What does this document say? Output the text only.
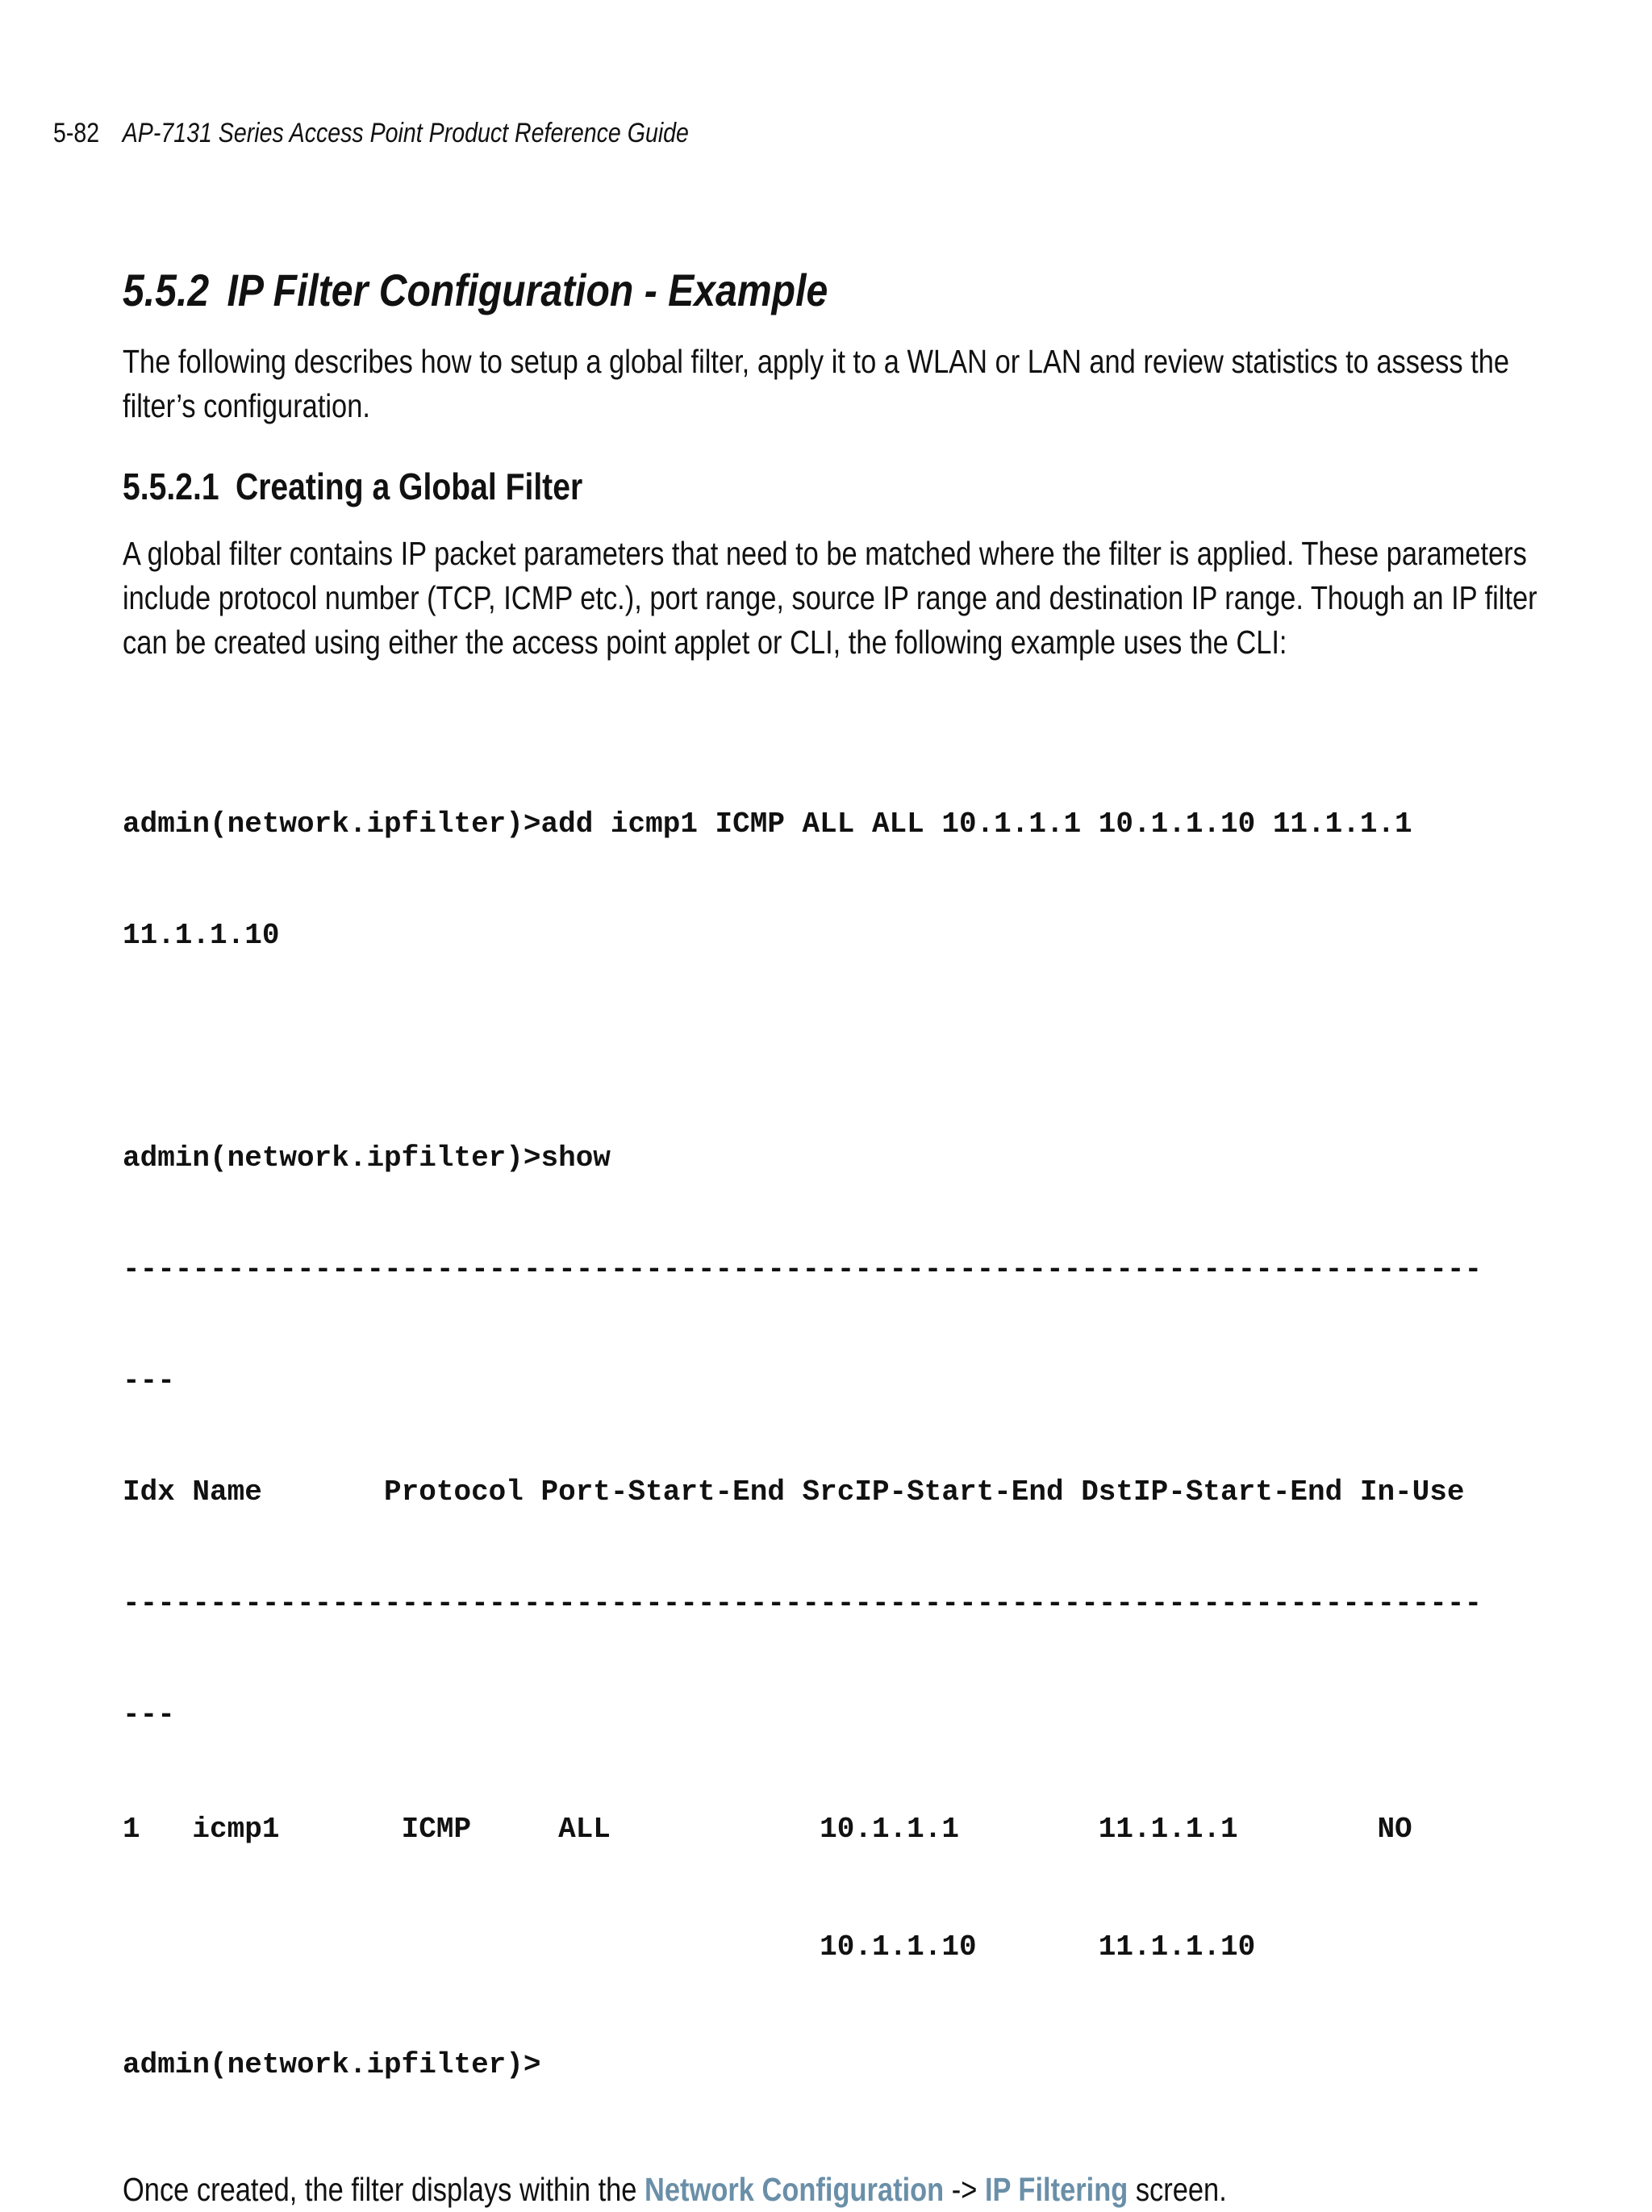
5-82 AP-7131 Series Access Point Product Reference Guide
5.5.2 IP Filter Configuration - Example

The following describes how to setup a global filter, apply it to a WLAN or LAN and review statistics to assess the filter’s configuration.

5.5.2.1 Creating a Global Filter

A global filter contains IP packet parameters that need to be matched where the filter is applied. These parameters include protocol number (TCP, ICMP etc.), port range, source IP range and destination IP range. Though an IP filter can be created using either the access point applet or CLI, the following example uses the CLI:

admin(network.ipfilter)>add icmp1 ICMP ALL ALL 10.1.1.1 10.1.1.10 11.1.1.1

11.1.1.10

admin(network.ipfilter)>show

------------------------------------------------------------------------------

---

Idx Name       Protocol Port-Start-End SrcIP-Start-End DstIP-Start-End In-Use

------------------------------------------------------------------------------

---

1   icmp1       ICMP     ALL            10.1.1.1        11.1.1.1        NO

10.1.1.10       11.1.1.10

admin(network.ipfilter)>

Once created, the filter displays within the Network Configuration -> IP Filtering screen.
